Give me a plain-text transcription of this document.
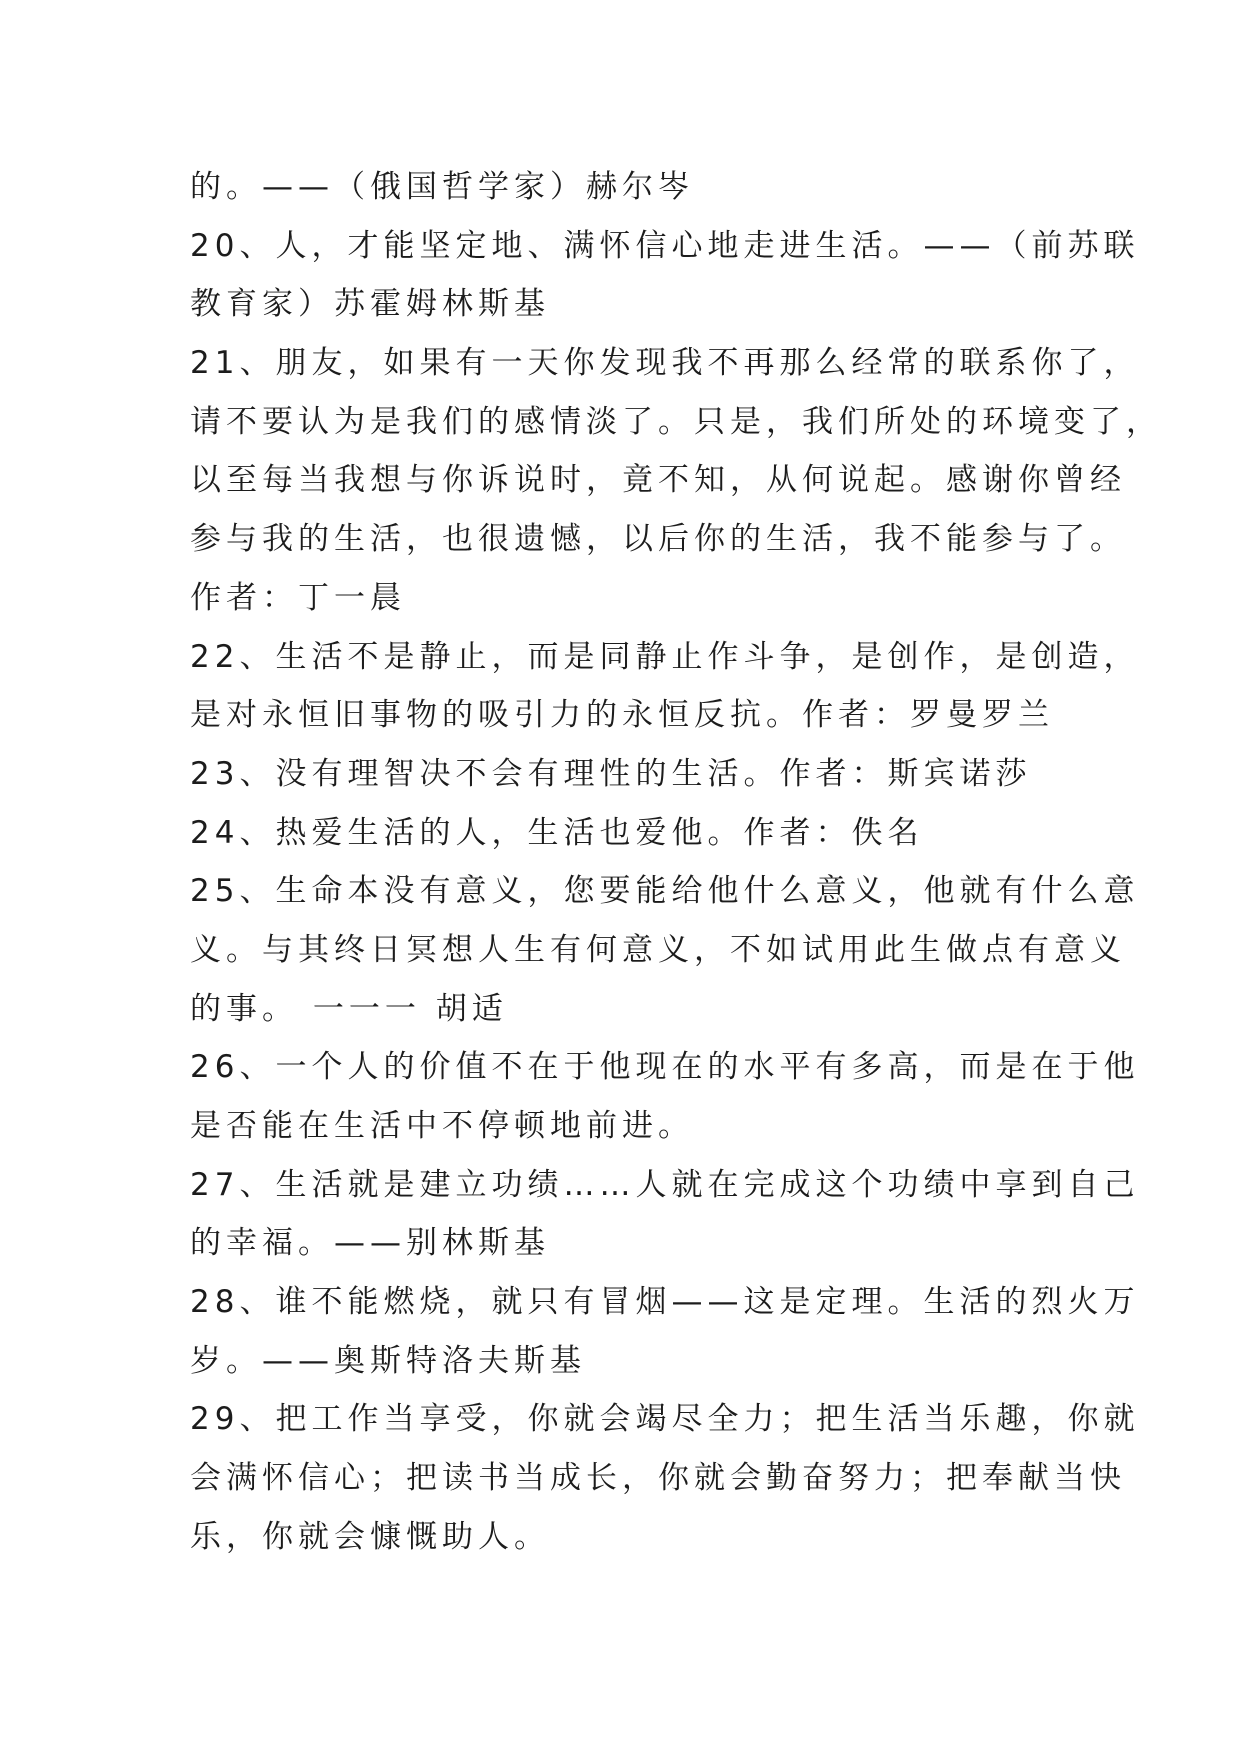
的。——（俄国哲学家）赫尔岑
20、人，才能坚定地、满怀信心地走进生活。——（前苏联
教育家）苏霍姆林斯基
21、朋友，如果有一天你发现我不再那么经常的联系你了，
请不要认为是我们的感情淡了。只是，我们所处的环境变了，
以至每当我想与你诉说时，竟不知，从何说起。感谢你曾经
参与我的生活，也很遗憾，以后你的生活，我不能参与了。
作者：丁一晨
22、生活不是静止，而是同静止作斗争，是创作，是创造，
是对永恒旧事物的吸引力的永恒反抗。作者：罗曼罗兰
23、没有理智决不会有理性的生活。作者：斯宾诺莎
24、热爱生活的人，生活也爱他。作者：佚名
25、生命本没有意义，您要能给他什么意义，他就有什么意
义。与其终日冥想人生有何意义，不如试用此生做点有意义
的事。 一一一 胡适
26、一个人的价值不在于他现在的水平有多高，而是在于他
是否能在生活中不停顿地前进。
27、生活就是建立功绩……人就在完成这个功绩中享到自己
的幸福。——别林斯基
28、谁不能燃烧，就只有冒烟——这是定理。生活的烈火万
岁。——奥斯特洛夫斯基
29、把工作当享受，你就会竭尽全力；把生活当乐趣，你就
会满怀信心；把读书当成长，你就会勤奋努力；把奉献当快
乐，你就会慷慨助人。
